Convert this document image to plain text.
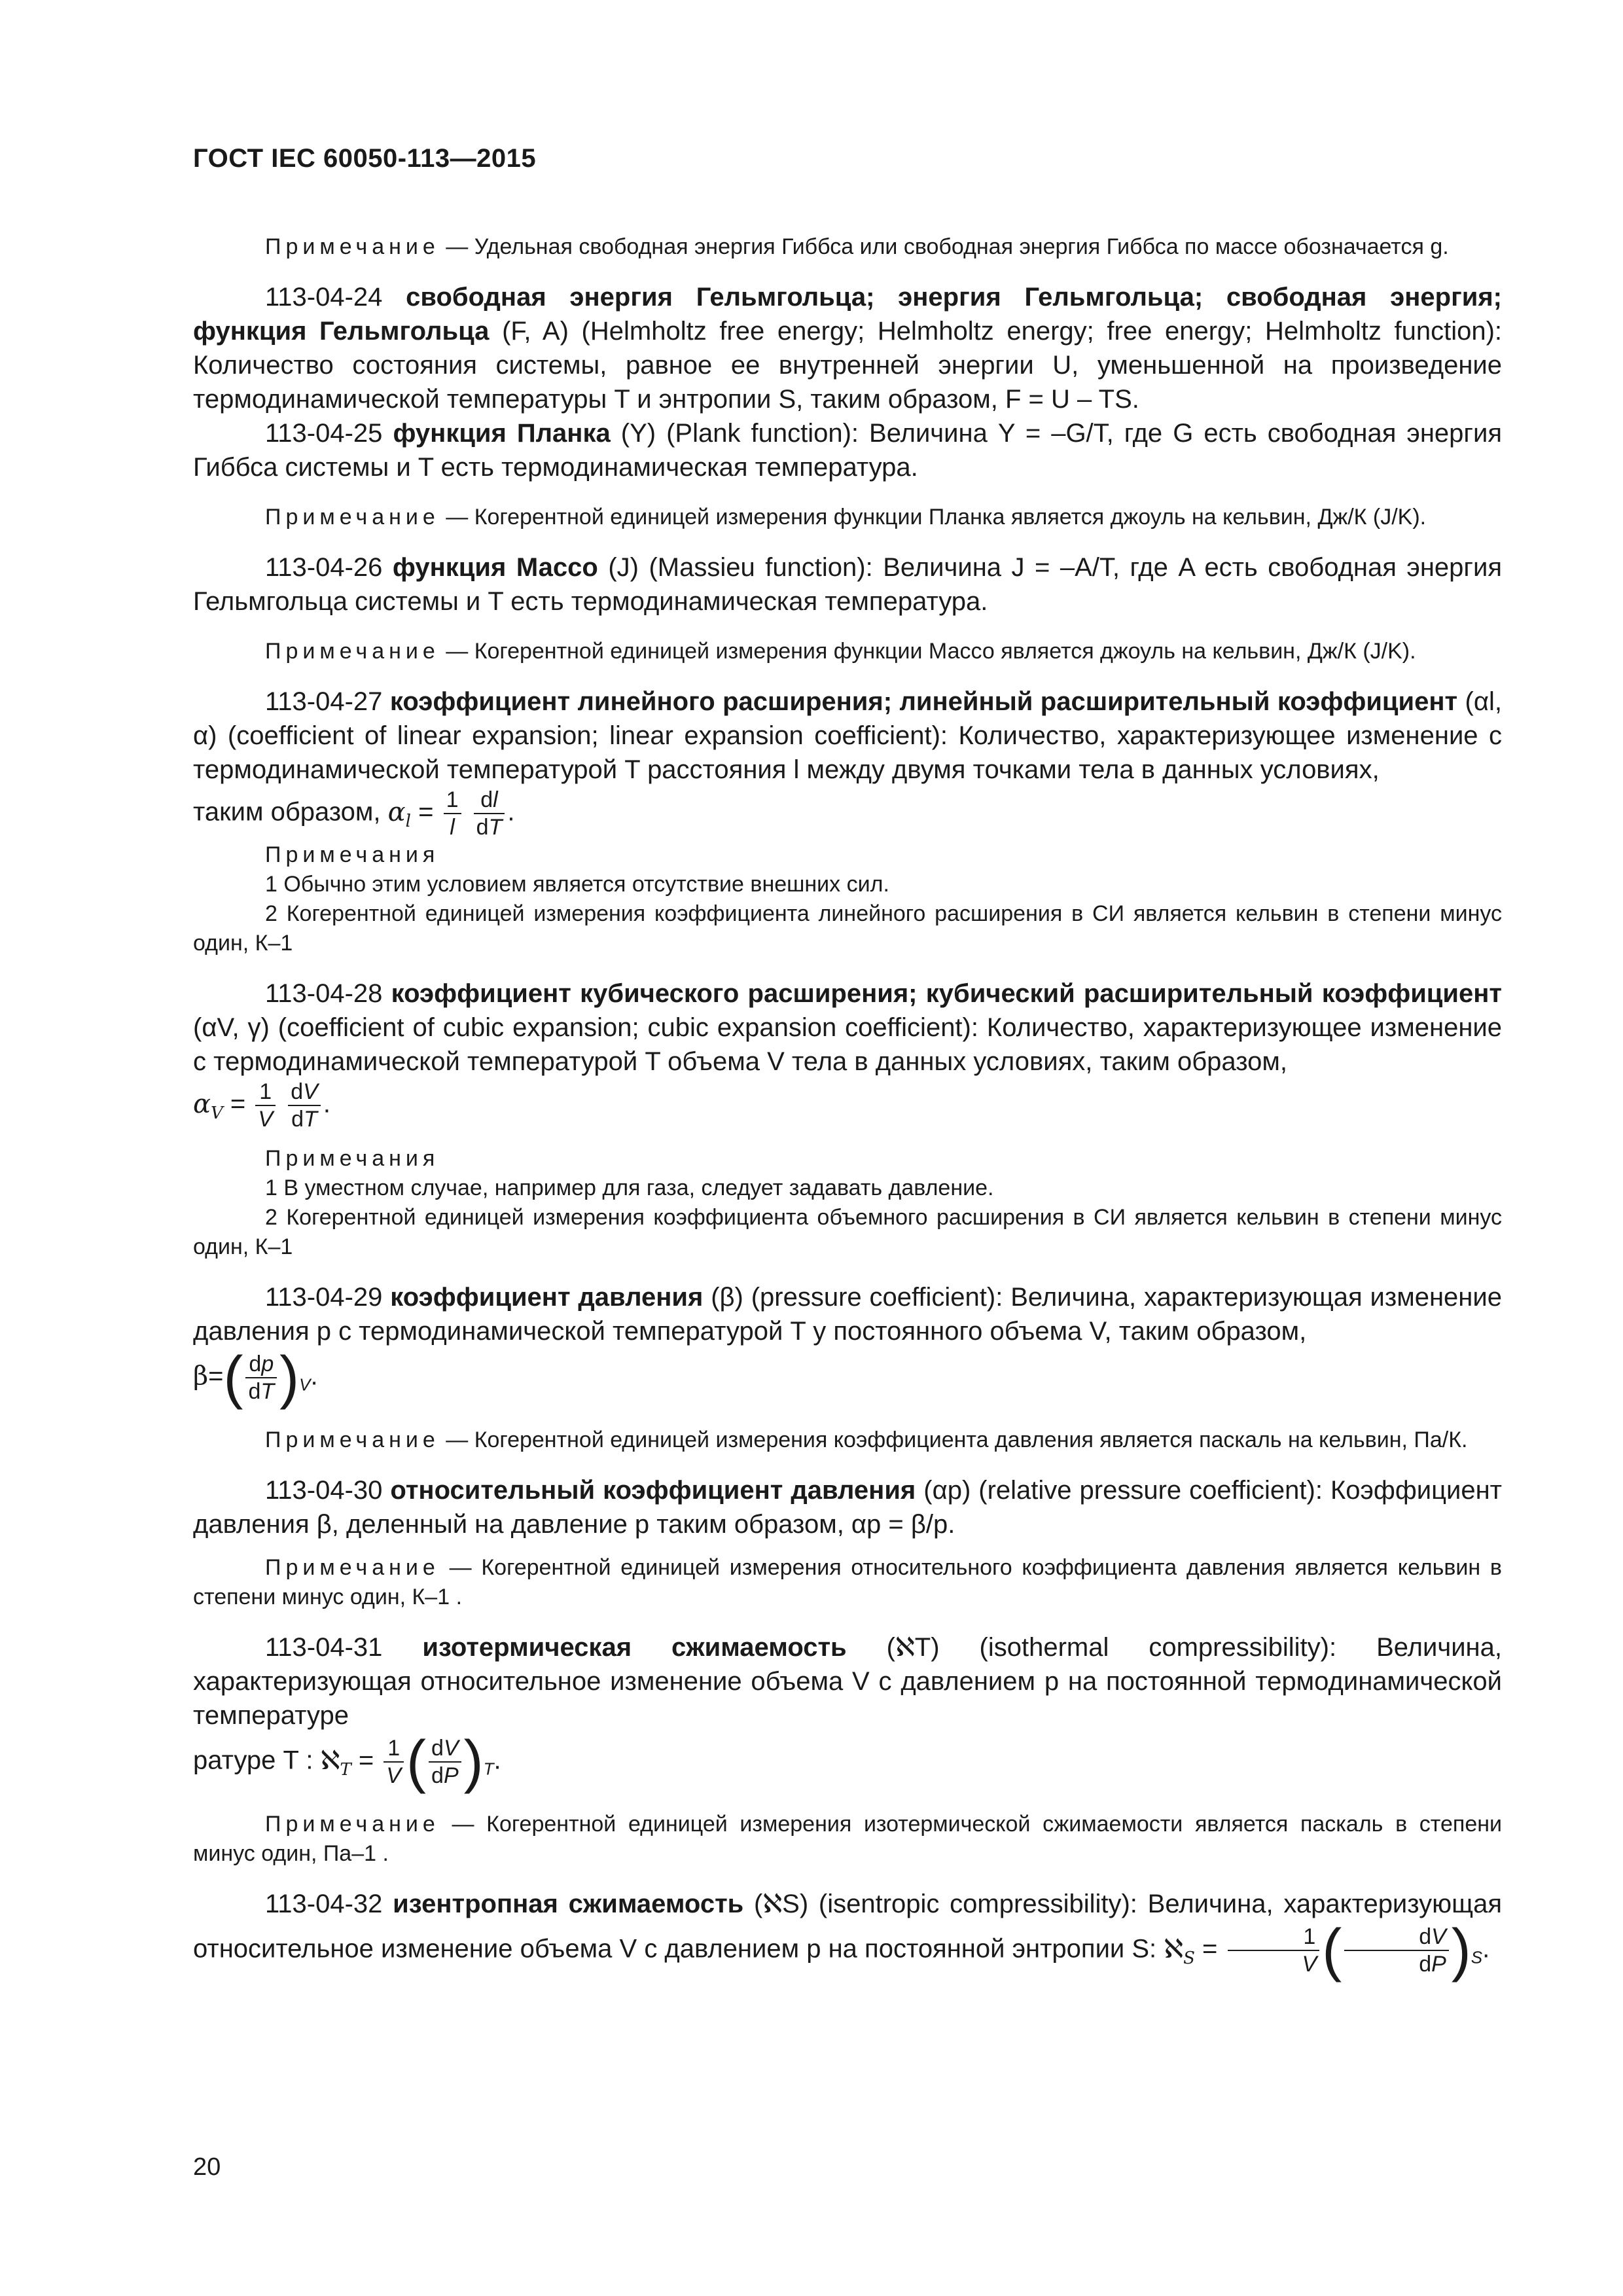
ГОСТ IEC 60050-113—2015

Примечание — Удельная свободная энергия Гиббса или свободная энергия Гиббса по массе обозначается g.

113-04-24 свободная энергия Гельмгольца; энергия Гельмгольца; свободная энергия; функция Гельмгольца (F, A) (Helmholtz free energy; Helmholtz energy; free energy; Helmholtz function): Количество состояния системы, равное ее внутренней энергии U, уменьшенной на произведение термодинамической температуры T и энтропии S, таким образом, F = U – TS.

113-04-25 функция Планка (Y) (Plank function): Величина Y = –G/T, где G есть свободная энергия Гиббса системы и T есть термодинамическая температура.

Примечание — Когерентной единицей измерения функции Планка является джоуль на кельвин, Дж/К (J/K).

113-04-26 функция Массо (J) (Massieu function): Величина J = –A/T, где A есть свободная энергия Гельмгольца системы и T есть термодинамическая температура.

Примечание — Когерентной единицей измерения функции Массо является джоуль на кельвин, Дж/К (J/K).

113-04-27 коэффициент линейного расширения; линейный расширительный коэффициент (αl, α) (coefficient of linear expansion; linear expansion coefficient): Количество, характеризующее изменение с термодинамической температурой T расстояния l между двумя точками тела в данных условиях,

таким образом, $\alpha_l = \frac{1}{l}$
$\frac{dl}{dT}$ .

Примечания

1 Обычно этим условием является отсутствие внешних сил.

2 Когерентной единицей измерения коэффициента линейного расширения в СИ является кельвин в степени минус один, К–1

113-04-28 коэффициент кубического расширения; кубический расширительный коэффициент (αV, γ) (coefficient of cubic expansion; cubic expansion coefficient): Количество, характеризующее изменение с термодинамической температурой T объема V тела в данных условиях, таким образом,

$\alpha_V = \frac{1}{V}$
$\frac{dV}{dT}$ .

Примечания

1 В уместном случае, например для газа, следует задавать давление.

2 Когерентной единицей измерения коэффициента объемного расширения в СИ является кельвин в степени минус один, К–1

113-04-29 коэффициент давления (β) (pressure coefficient): Величина, характеризующая изменение давления p с термодинамической температурой T у постоянного объема V, таким образом,

$\beta=( \frac{dp}{dT} )_V$.

Примечание — Когерентной единицей измерения коэффициента давления является паскаль на кельвин, Па/К.

113-04-30 относительный коэффициент давления (αp) (relative pressure coefficient): Коэффициент давления β, деленный на давление p таким образом, αp = β/p.

Примечание — Когерентной единицей измерения относительного коэффициента давления является кельвин в степени минус один, К–1 .

113-04-31 изотермическая сжимаемость (ℵT) (isothermal compressibility): Величина, характеризующая относительное изменение объема V с давлением p на постоянной термодинамической температуре

ратуре T : ℵ$_T$ = $\frac{1}{V}$ ( $\frac{dV}{dP} )_T$.

Примечание — Когерентной единицей измерения изотермической сжимаемости является паскаль в степени минус один, Па–1 .

113-04-32 изентропная сжимаемость (ℵS) (isentropic compressibility): Величина, характеризующая относительное изменение объема V с давлением p на постоянной энтропии S: ℵ$_S$ = $\frac{1}{V}$ ( $\frac{dV}{dP} )_S$.

20
